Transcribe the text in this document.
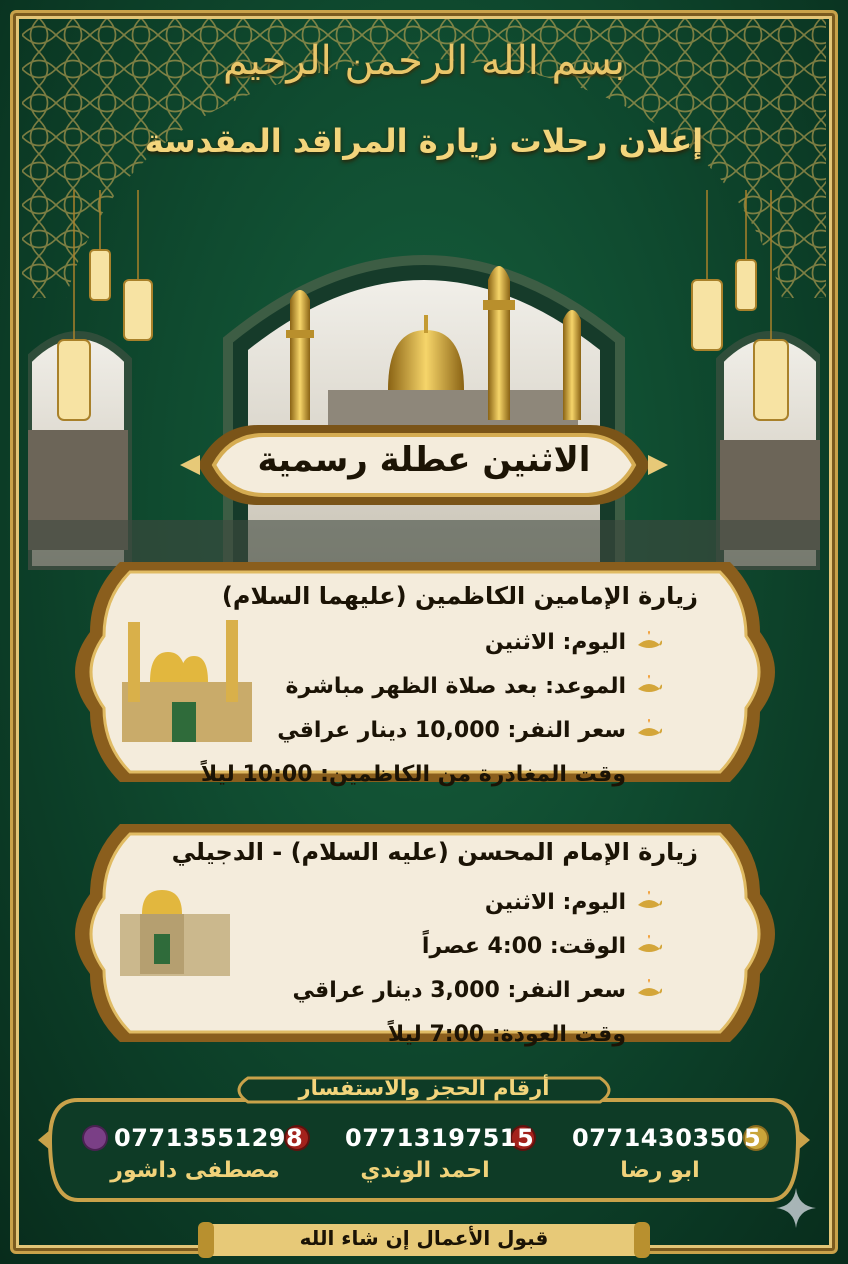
بسم الله الرحمن الرحيم
إعلان رحلات زيارة المراقد المقدسة
الاثنين عطلة رسمية
زيارة الإمامين الكاظمين (عليهما السلام)
اليوم: الاثنين
الموعد: بعد صلاة الظهر مباشرة
سعر النفر: 10,000 دينار عراقي
وقت المغادرة من الكاظمين: 10:00 ليلاً
زيارة الإمام المحسن (عليه السلام) - الدجيلي
اليوم: الاثنين
الوقت: 4:00 عصراً
سعر النفر: 3,000 دينار عراقي
وقت العودة: 7:00 ليلاً
أرقام الحجز والاستفسار
07714303505
ابو رضا
07713197515
احمد الوندي
07713551298
مصطفى داشور
قبول الأعمال إن شاء الله
